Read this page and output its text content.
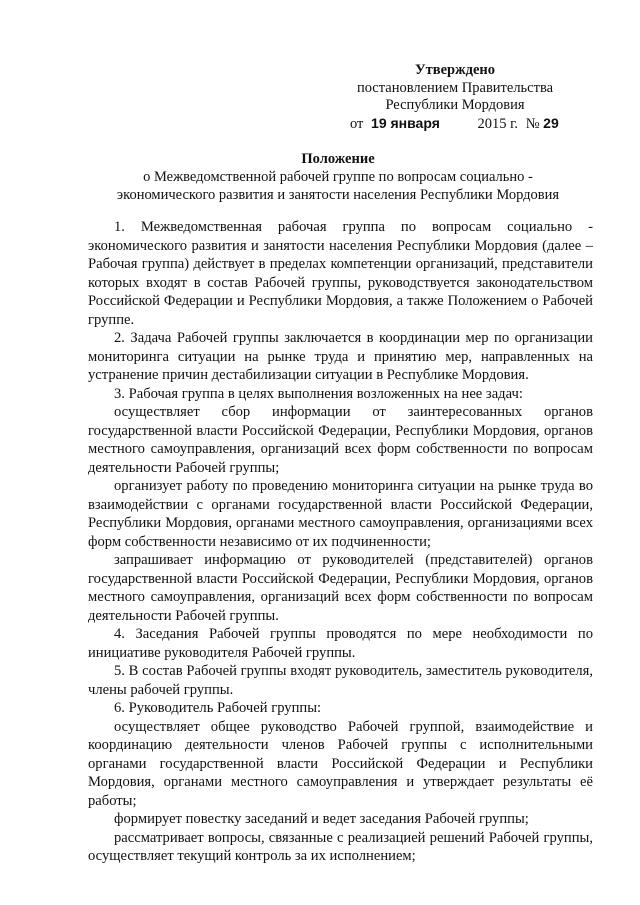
Утверждено
постановлением Правительства
Республики Мордовия
от 19 января	2015 г. № 29
Положение
о Межведомственной рабочей группе по вопросам социально -
экономического развития и занятости населения Республики Мордовия

1. Межведомственная рабочая группа по вопросам социально - экономического развития и занятости населения Республики Мордовия (далее – Рабочая группа) действует в пределах компетенции организаций, представители которых входят в состав Рабочей группы, руководствуется законодательством Российской Федерации и Республики Мордовия, а также Положением о Рабочей группе.

2. Задача Рабочей группы заключается в координации мер по организации мониторинга ситуации на рынке труда и принятию мер, направленных на устранение причин дестабилизации ситуации в Республике Мордовия.

3. Рабочая группа в целях выполнения возложенных на нее задач:

осуществляет сбор информации от заинтересованных органов государственной власти Российской Федерации, Республики Мордовия, органов местного самоуправления, организаций всех форм собственности по вопросам деятельности Рабочей группы;

организует работу по проведению мониторинга ситуации на рынке труда во взаимодействии с органами государственной власти Российской Федерации, Республики Мордовия, органами местного самоуправления, организациями всех форм собственности независимо от их подчиненности;

запрашивает информацию от руководителей (представителей) органов государственной власти Российской Федерации, Республики Мордовия, органов местного самоуправления, организаций всех форм собственности по вопросам деятельности Рабочей группы.

4. Заседания Рабочей группы проводятся по мере необходимости по инициативе руководителя Рабочей группы.

5. В состав Рабочей группы входят руководитель, заместитель руководителя, члены рабочей группы.

6. Руководитель Рабочей группы:

осуществляет общее руководство Рабочей группой, взаимодействие и координацию деятельности членов Рабочей группы с исполнительными органами государственной власти Российской Федерации и Республики Мордовия, органами местного самоуправления и утверждает результаты её работы;

формирует повестку заседаний и ведет заседания Рабочей группы;

рассматривает вопросы, связанные с реализацией решений Рабочей группы, осуществляет текущий контроль за их исполнением;
